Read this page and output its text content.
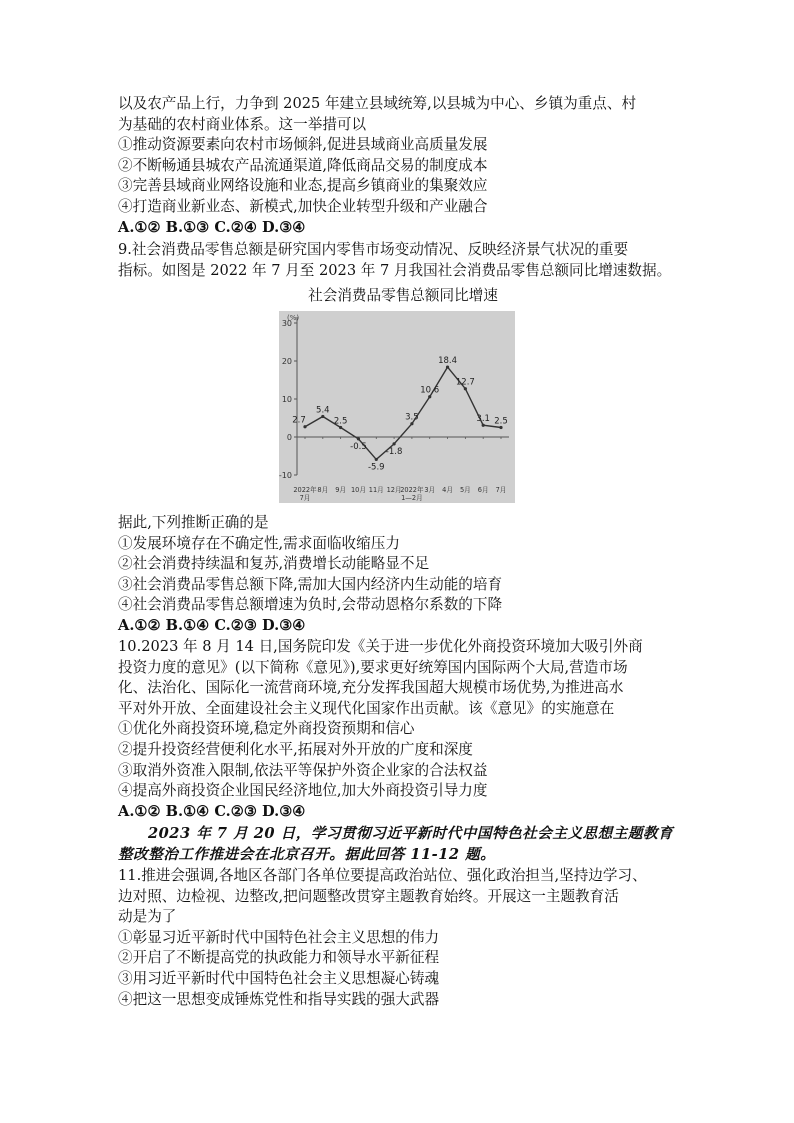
以及农产品上行，力争到 2025 年建立县域统筹,以县城为中心、乡镇为重点、村
为基础的农村商业体系。这一举措可以
①推动资源要素向农村市场倾斜,促进县域商业高质量发展
②不断畅通县城农产品流通渠道,降低商品交易的制度成本
③完善县域商业网络设施和业态,提高乡镇商业的集聚效应
④打造商业新业态、新模式,加快企业转型升级和产业融合
A.①② B.①③ C.②④ D.③④
9.社会消费品零售总额是研究国内零售市场变动情况、反映经济景气状况的重要
指标。如图是 2022 年 7 月至 2023 年 7 月我国社会消费品零售总额同比增速数据。
社会消费品零售总额同比增速
(%)
30
20
10
0
-10
2022年
7月
8月 9月 10月 11月 12月
2022年
1—2月
3月 4月 5月 6月 7月
2.7
5.4
2.5
-0.5
-5.9
-1.8
3.5
10.6
18.4
12.7
3.1 2.5
据此,下列推断正确的是
①发展环境存在不确定性,需求面临收缩压力
②社会消费持续温和复苏,消费增长动能略显不足
③社会消费品零售总额下降,需加大国内经济内生动能的培育
④社会消费品零售总额增速为负时,会带动恩格尔系数的下降
A.①② B.①④ C.②③ D.③④
10.2023 年 8 月 14 日,国务院印发《关于进一步优化外商投资环境加大吸引外商
投资力度的意见》(以下简称《意见》),要求更好统筹国内国际两个大局,营造市场
化、法治化、国际化一流营商环境,充分发挥我国超大规模市场优势,为推进高水
平对外开放、全面建设社会主义现代化国家作出贡献。该《意见》的实施意在
①优化外商投资环境,稳定外商投资预期和信心
②提升投资经营便利化水平,拓展对外开放的广度和深度
③取消外资准入限制,依法平等保护外资企业家的合法权益
④提高外商投资企业国民经济地位,加大外商投资引导力度
A.①② B.①④ C.②③ D.③④
2023 年 7 月 20 日，学习贯彻习近平新时代中国特色社会主义思想主题教育
整改整治工作推进会在北京召开。据此回答 11-12 题。
11.推进会强调,各地区各部门各单位要提高政治站位、强化政治担当,坚持边学习、
边对照、边检视、边整改,把问题整改贯穿主题教育始终。开展这一主题教育活
动是为了
①彰显习近平新时代中国特色社会主义思想的伟力
②开启了不断提高党的执政能力和领导水平新征程
③用习近平新时代中国特色社会主义思想凝心铸魂
④把这一思想变成锤炼党性和指导实践的强大武器
